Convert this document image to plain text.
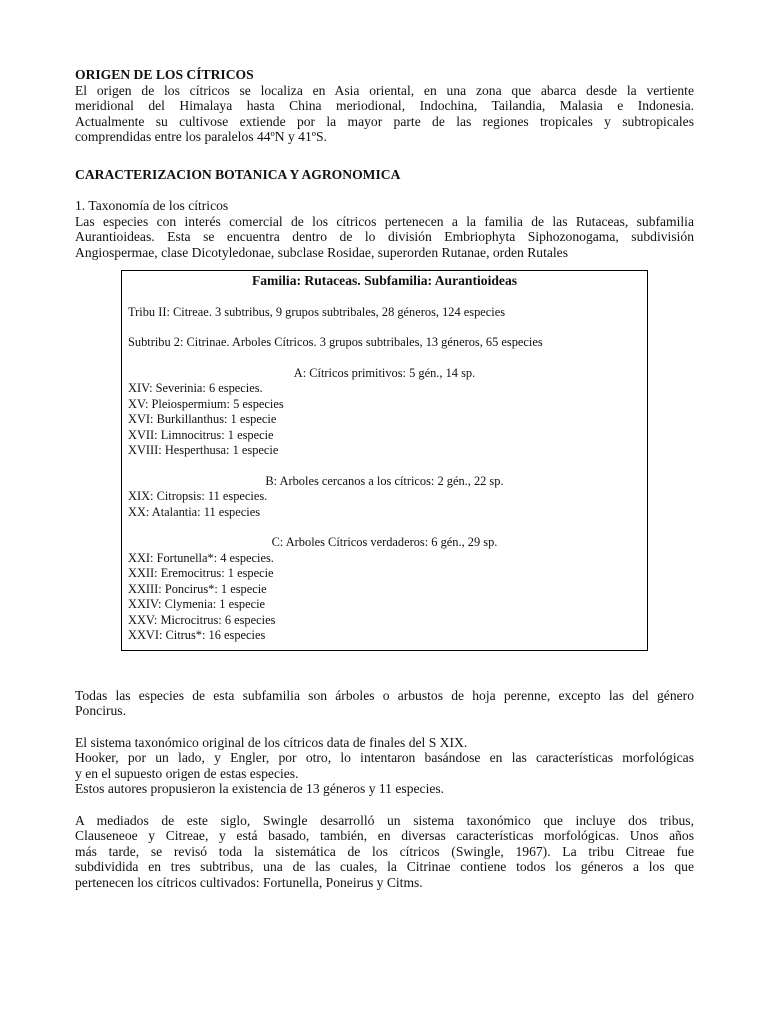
ORIGEN DE LOS CÍTRICOS

El origen de los cítricos se localiza en Asia oriental, en una zona que abarca desde la vertiente

meridional del Himalaya hasta China meriodional, Indochina, Tailandia, Malasia e Indonesia.

Actualmente su cultivose extiende por la mayor parte de las regiones tropicales y subtropicales

comprendidas entre los paralelos 44ºN y 41ºS.

CARACTERIZACION BOTANICA Y AGRONOMICA

1. Taxonomía de los cítricos

Las especies con interés comercial de los cítricos pertenecen a la familia de las Rutaceas, subfamilia

Aurantioideas. Esta se encuentra dentro de lo división Embriophyta Siphozonogama, subdivisión

Angiospermae, clase Dicotyledonae, subclase Rosidae, superorden Rutanae, orden Rutales

Familia: Rutaceas. Subfamilia: Aurantioideas

Tribu II: Citreae. 3 subtribus, 9 grupos subtribales, 28 géneros, 124 especies

Subtribu 2: Citrinae. Arboles Cítricos. 3 grupos subtribales, 13 géneros, 65 especies

A: Cítricos primitivos: 5 gén., 14 sp.

XIV: Severinia: 6 especies.
XV: Pleiospermium: 5 especies
XVI: Burkillanthus: 1 especie
XVII: Limnocitrus: 1 especie
XVIII: Hesperthusa: 1 especie

B: Arboles cercanos a los cítricos: 2 gén., 22 sp.

XIX: Citropsis: 11 especies.
XX: Atalantia: 11 especies

C: Arboles Cítricos verdaderos: 6 gén., 29 sp.

XXI: Fortunella*: 4 especies.
XXII: Eremocitrus: 1 especie
XXIII: Poncirus*: 1 especie
XXIV: Clymenia: 1 especie
XXV: Microcitrus: 6 especies
XXVI: Citrus*: 16 especies

Todas las especies de esta subfamilia son árboles o arbustos de hoja perenne, excepto las del género

Poncirus.

El sistema taxonómico original de los cítricos data de finales del S XIX.

Hooker, por un lado, y Engler, por otro, lo intentaron basándose en las características morfológicas

y en el supuesto origen de estas especies.

Estos autores propusieron la existencia de 13 géneros y 11 especies.

A mediados de este siglo, Swingle desarrolló un sistema taxonómico que incluye dos tribus,

Clauseneoe y Citreae, y está basado, también, en diversas características morfológicas. Unos años

más tarde, se revisó toda la sistemática de los cítricos (Swingle, 1967). La tribu Citreae fue

subdividida en tres subtribus, una de las cuales, la Citrinae contiene todos los géneros a los que

pertenecen los cítricos cultivados: Fortunella, Poneirus y Citms.
